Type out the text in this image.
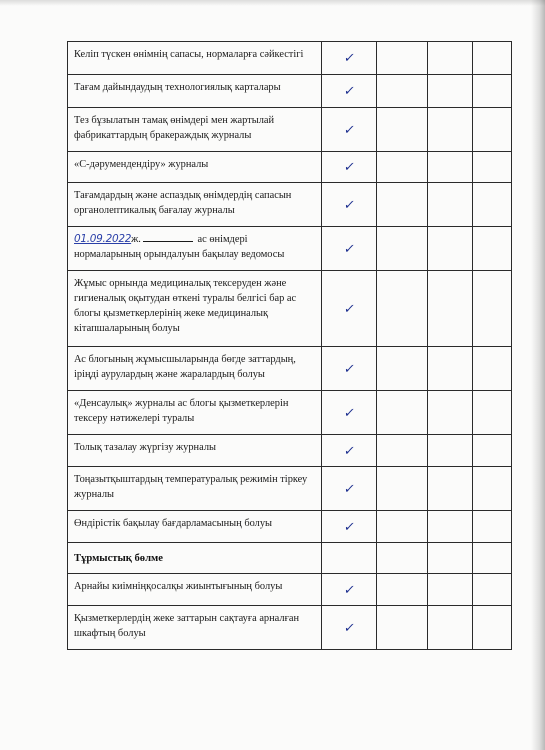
Келіп түскен өнімнің сапасы, нормаларға сәйкестігі	✓			
Тағам дайындаудың технологиялық карталары	✓			
Тез бұзылатын тамақ өнімдері мен жартылай фабрикаттардың бракераждық журналы	✓			
«С-дәрумендендіру» журналы	✓			
Тағамдардың және аспаздық өнімдердің сапасын органолептикалық бағалау журналы	✓			
01.09.2022ж. ас өнімдері нормаларының орындалуын бақылау ведомосы	✓			
Жұмыс орнында медициналық тексеруден және гигиеналық оқытудан өткені туралы белгісі бар ас блогы қызметкерлерінің жеке медициналық кітапшаларының болуы	✓			
Ас блогының жұмысшыларында бөгде заттардың, іріңді аурулардың және жаралардың болуы	✓			
«Денсаулық» журналы ас блогы қызметкерлерін тексеру нәтижелері туралы	✓			
Толық тазалау жүргізу журналы	✓			
Тоңазытқыштардың температуралық режимін тіркеу журналы	✓			
Өндірістік бақылау бағдарламасының болуы	✓			
Тұрмыстық бөлме				
Арнайы киімніңқосалқы жиынтығының болуы	✓			
Қызметкерлердің жеке заттарын сақтауға арналған шкафтың болуы	✓			
